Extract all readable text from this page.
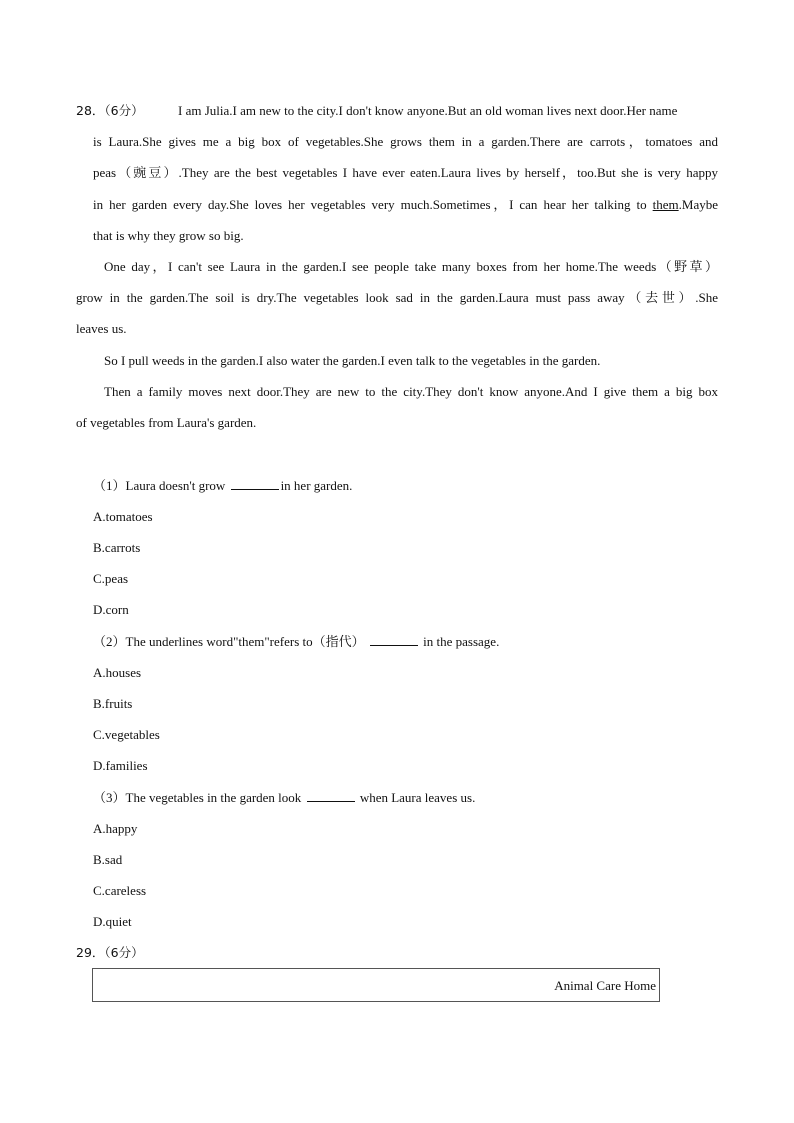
28．（6分）	I am Julia.I am new to the city.I don't know anyone.But an old woman lives next door.Her name
is Laura.She gives me a big box of vegetables.She grows them in a garden.There are carrots，tomatoes and
peas（豌豆）.They are the best vegetables I have ever eaten.Laura lives by herself，too.But she is very happy
in her garden every day.She loves her vegetables very much.Sometimes，I can hear her talking to them.Maybe
that is why they grow so big.
One day，I can't see Laura in the garden.I see people take many boxes from her home.The weeds（野草）
grow in the garden.The soil is dry.The vegetables look sad in the garden.Laura must pass away（去世）.She
leaves us.
So I pull weeds in the garden.I also water the garden.I even talk to the vegetables in the garden.
Then a family moves next door.They are new to the city.They don't know anyone.And I give them a big box
of vegetables from Laura's garden.
（1）Laura doesn't grow	in her garden.
A.tomatoes
B.carrots
C.peas
D.corn
（2）The underlines word"them"refers to（指代）	in the passage.
A.houses
B.fruits
C.vegetables
D.families
（3）The vegetables in the garden look	when Laura leaves us.
A.happy
B.sad
C.careless
D.quiet
29．（6分）
Animal Care Home
